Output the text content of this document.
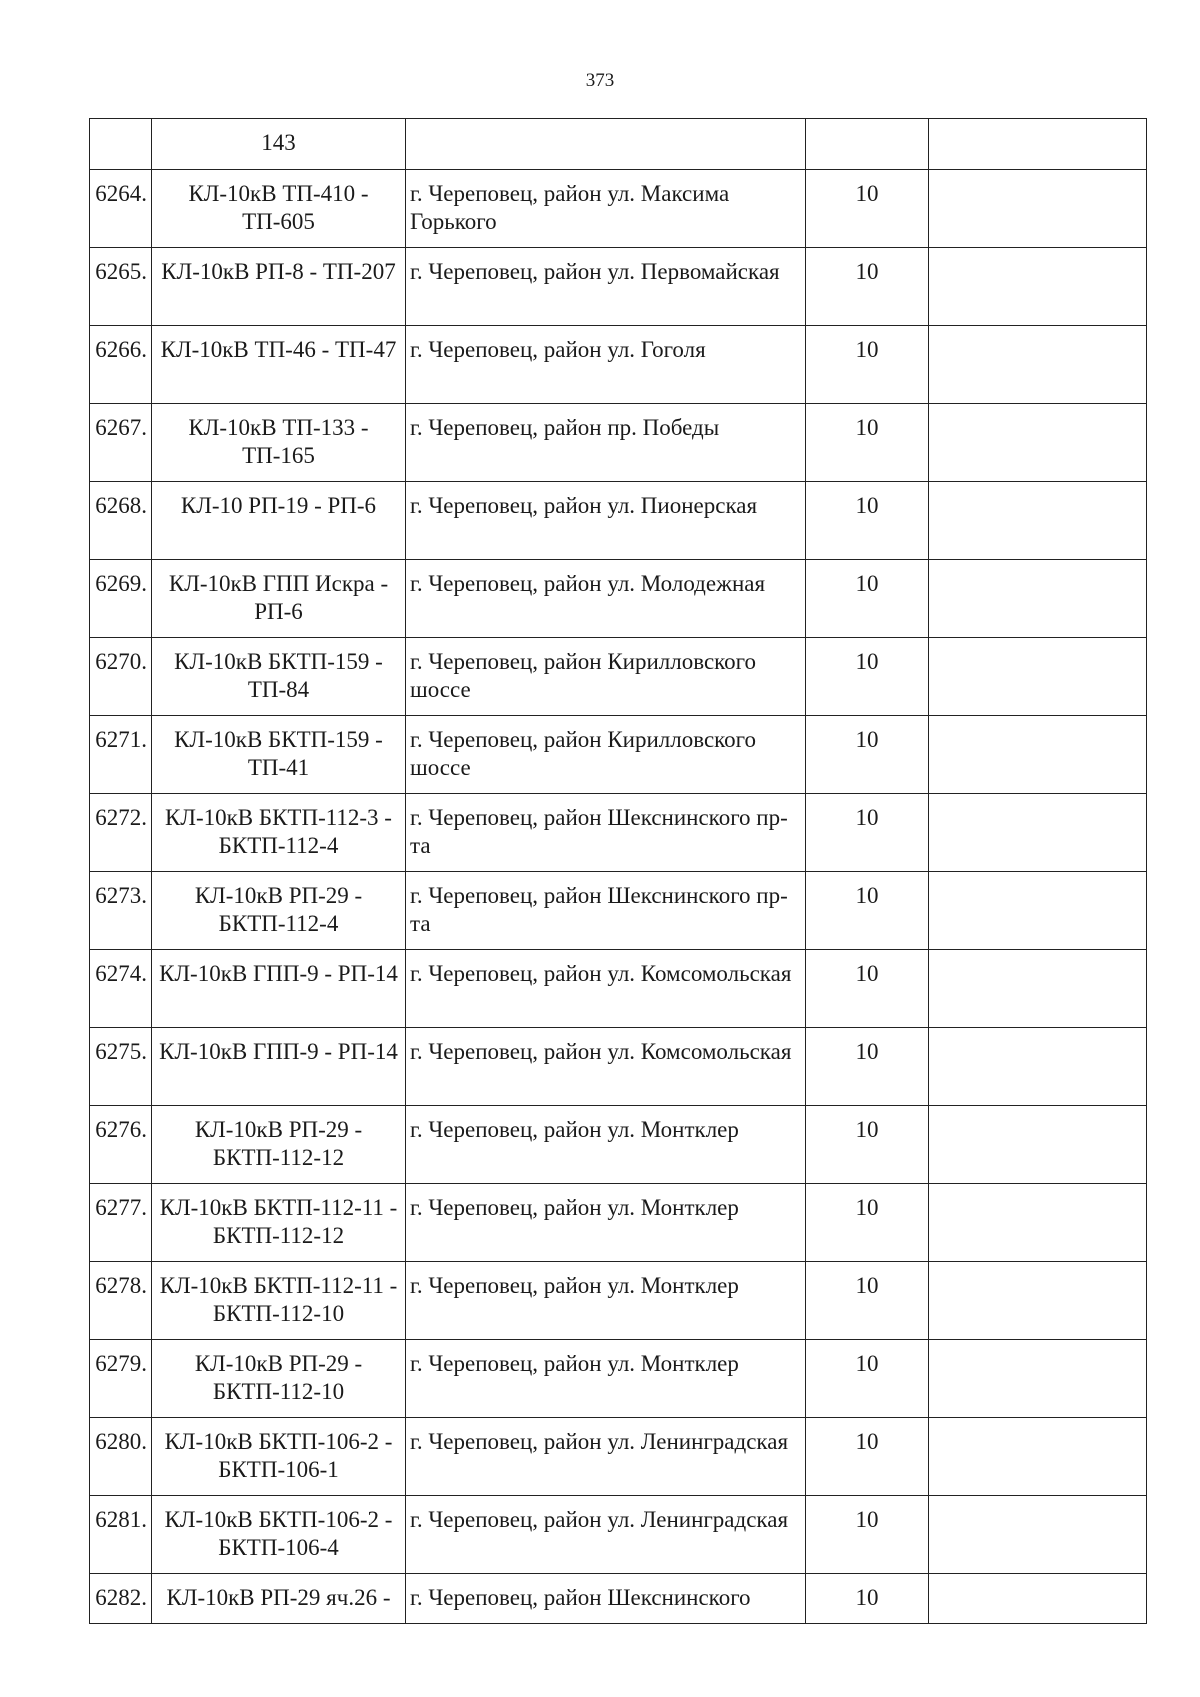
373
	143			
6264.	КЛ-10кВ ТП-410 - ТП-605	г. Череповец, район ул. Максима Горького	10	
6265.	КЛ-10кВ РП-8 - ТП-207	г. Череповец, район ул. Первомайская	10	
6266.	КЛ-10кВ ТП-46 - ТП-47	г. Череповец, район ул. Гоголя	10	
6267.	КЛ-10кВ ТП-133 - ТП-165	г. Череповец, район пр. Победы	10	
6268.	КЛ-10 РП-19 - РП-6	г. Череповец, район ул. Пионерская	10	
6269.	КЛ-10кВ ГПП Искра - РП-6	г. Череповец, район ул. Молодежная	10	
6270.	КЛ-10кВ БКТП-159 - ТП-84	г. Череповец, район Кирилловского шоссе	10	
6271.	КЛ-10кВ БКТП-159 - ТП-41	г. Череповец, район Кирилловского шоссе	10	
6272.	КЛ-10кВ БКТП-112-3 - БКТП-112-4	г. Череповец, район Шекснинского пр-та	10	
6273.	КЛ-10кВ РП-29 - БКТП-112-4	г. Череповец, район Шекснинского пр-та	10	
6274.	КЛ-10кВ ГПП-9 - РП-14	г. Череповец, район ул. Комсомольская	10	
6275.	КЛ-10кВ ГПП-9 - РП-14	г. Череповец, район ул. Комсомольская	10	
6276.	КЛ-10кВ РП-29 - БКТП-112-12	г. Череповец, район ул. Монтклер	10	
6277.	КЛ-10кВ БКТП-112-11 - БКТП-112-12	г. Череповец, район ул. Монтклер	10	
6278.	КЛ-10кВ БКТП-112-11 - БКТП-112-10	г. Череповец, район ул. Монтклер	10	
6279.	КЛ-10кВ РП-29 - БКТП-112-10	г. Череповец, район ул. Монтклер	10	
6280.	КЛ-10кВ БКТП-106-2 - БКТП-106-1	г. Череповец, район ул. Ленинградская	10	
6281.	КЛ-10кВ БКТП-106-2 - БКТП-106-4	г. Череповец, район ул. Ленинградская	10	
6282.	КЛ-10кВ РП-29 яч.26 -	г. Череповец, район Шекснинского	10	
